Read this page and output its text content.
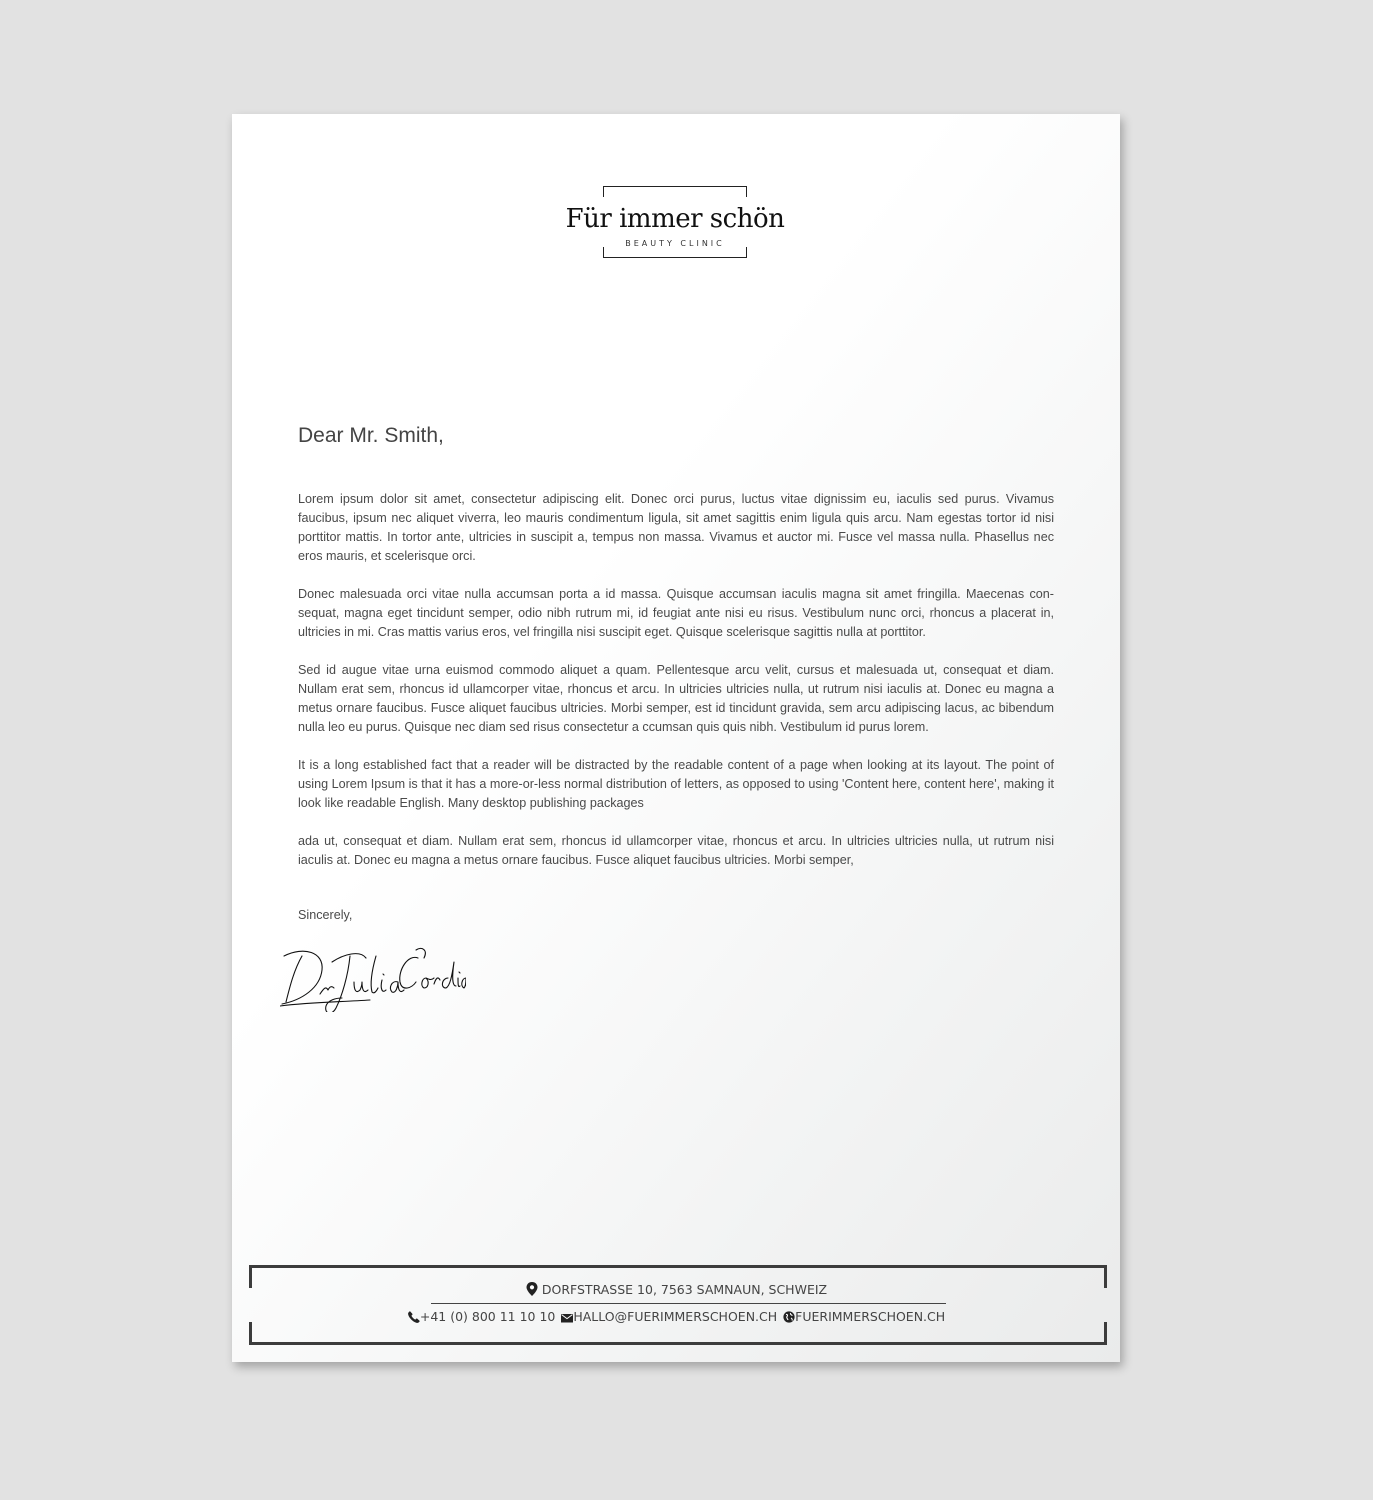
Für immer schön
BEAUTY CLINIC
Dear Mr. Smith,

Lorem ipsum dolor sit amet, consectetur adipiscing elit. Donec orci purus, luctus vitae dignissim eu, iaculis sed purus. Vivamus faucibus, ipsum nec aliquet viverra, leo mauris condimentum ligula, sit amet sagittis enim ligula quis arcu. Nam egestas tortor id nisi porttitor mattis. In tortor ante, ultricies in suscipit a, tempus non massa. Vivamus et auctor mi. Fusce vel massa nulla. Phasellus nec eros mauris, et scelerisque orci.

Donec malesuada orci vitae nulla accumsan porta a id massa. Quisque accumsan iaculis magna sit amet fringilla. Maecenas con-sequat, magna eget tincidunt semper, odio nibh rutrum mi, id feugiat ante nisi eu risus. Vestibulum nunc orci, rhoncus a placerat in, ultricies in mi. Cras mattis varius eros, vel fringilla nisi suscipit eget. Quisque scelerisque sagittis nulla at porttitor.

Sed id augue vitae urna euismod commodo aliquet a quam. Pellentesque arcu velit, cursus et malesuada ut, consequat et diam. Nullam erat sem, rhoncus id ullamcorper vitae, rhoncus et arcu. In ultricies ultricies nulla, ut rutrum nisi iaculis at. Donec eu magna a metus ornare faucibus. Fusce aliquet faucibus ultricies. Morbi semper, est id tincidunt gravida, sem arcu adipiscing lacus, ac bibendum nulla leo eu purus. Quisque nec diam sed risus consectetur a ccumsan quis quis nibh. Vestibulum id purus lorem.

It is a long established fact that a reader will be distracted by the readable content of a page when looking at its layout. The point of using Lorem Ipsum is that it has a more-or-less normal distribution of letters, as opposed to using 'Content here, content here', making it look like readable English. Many desktop publishing packages

ada ut, consequat et diam. Nullam erat sem, rhoncus id ullamcorper vitae, rhoncus et arcu. In ultricies ultricies nulla, ut rutrum nisi iaculis at. Donec eu magna a metus ornare faucibus. Fusce aliquet faucibus ultricies. Morbi semper,

Sincerely,
DORFSTRASSE 10, 7563 SAMNAUN, SCHWEIZ
+41 (0) 800 11 10 10 HALLO@FUERIMMERSCHOEN.CH FUERIMMERSCHOEN.CH
